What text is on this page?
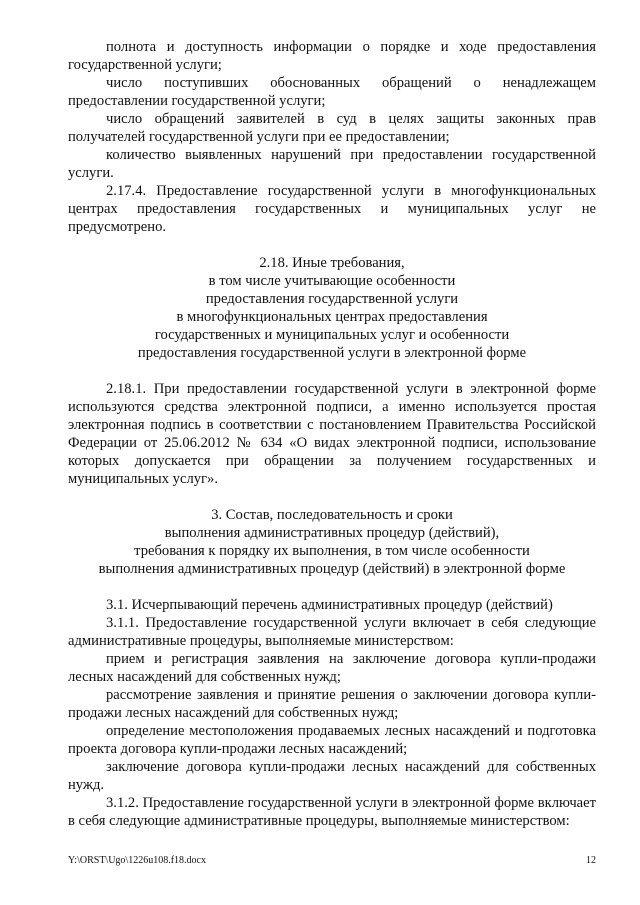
полнота и доступность информации о порядке и ходе предоставления государственной услуги;

число поступивших обоснованных обращений о ненадлежащем предоставлении государственной услуги;

число обращений заявителей в суд в целях защиты законных прав получателей государственной услуги при ее предоставлении;

количество выявленных нарушений при предоставлении государственной услуги.

2.17.4. Предоставление государственной услуги в многофункциональных центрах предоставления государственных и муниципальных услуг не предусмотрено.

2.18. Иные требования,

в том числе учитывающие особенности

предоставления государственной услуги

в многофункциональных центрах предоставления

государственных и муниципальных услуг и особенности

предоставления государственной услуги в электронной форме

2.18.1. При предоставлении государственной услуги в электронной форме используются средства электронной подписи, а именно используется простая электронная подпись в соответствии с постановлением Правительства Российской Федерации от 25.06.2012 № 634 «О видах электронной подписи, использование которых допускается при обращении за получением государственных и муниципальных услуг».

3. Состав, последовательность и сроки

выполнения административных процедур (действий),

требования к порядку их выполнения, в том числе особенности

выполнения административных процедур (действий) в электронной форме

3.1. Исчерпывающий перечень административных процедур (действий)

3.1.1. Предоставление государственной услуги включает в себя следующие административные процедуры, выполняемые министерством:

прием и регистрация заявления на заключение договора купли-продажи лесных насаждений для собственных нужд;

рассмотрение заявления и принятие решения о заключении договора купли-продажи лесных насаждений для собственных нужд;

определение местоположения продаваемых лесных насаждений и подготовка проекта договора купли-продажи лесных насаждений;

заключение договора купли-продажи лесных насаждений для собственных нужд.

3.1.2. Предоставление государственной услуги в электронной форме включает в себя следующие административные процедуры, выполняемые министерством:

Y:\ORST\Ugo\1226u108.f18.docx	12
